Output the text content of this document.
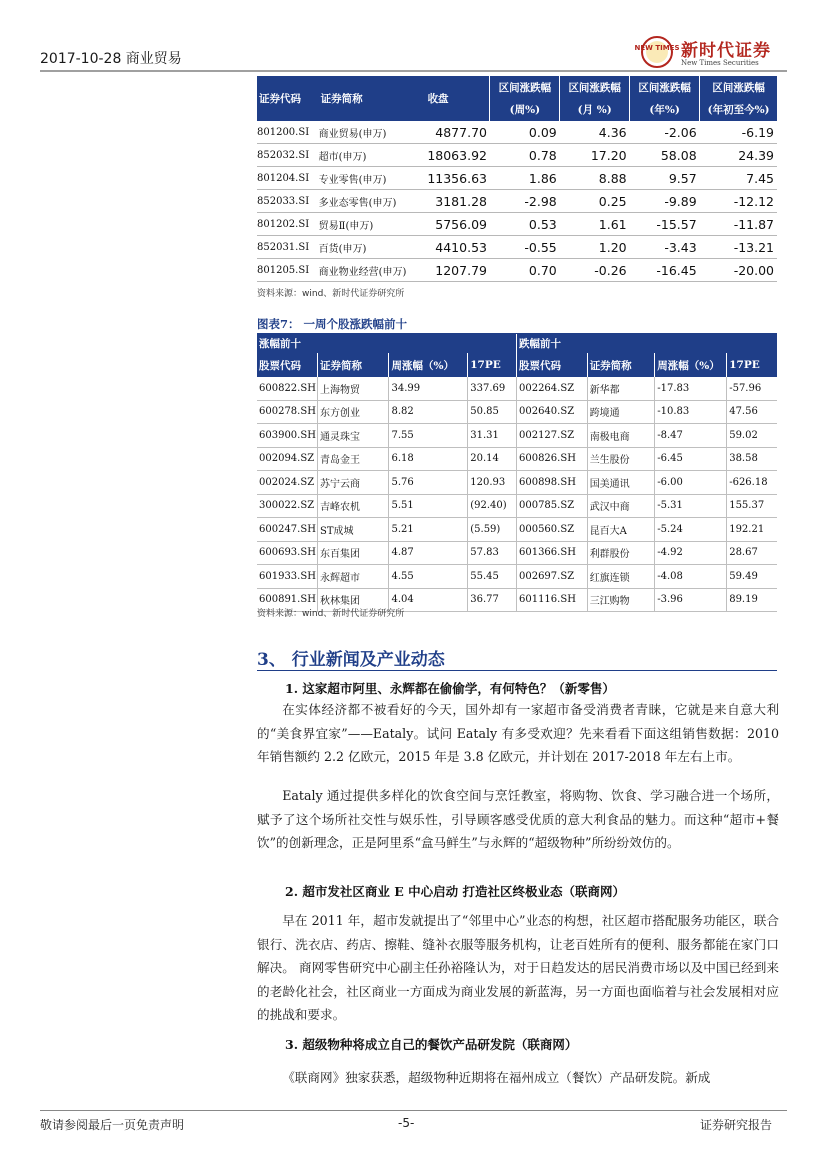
2017-10-28 商业贸易
NEW TIMES 新时代证券
New Times Securities
证券代码	证券简称	收盘	区间涨跌幅	区间涨跌幅	区间涨跌幅	区间涨跌幅
			(周%)	(月 %)	(年%)	(年初至今%)
801200.SI	商业贸易(申万)	4877.70	0.09	4.36	-2.06	-6.19
852032.SI	超市(申万)	18063.92	0.78	17.20	58.08	24.39
801204.SI	专业零售(申万)	11356.63	1.86	8.88	9.57	7.45
852033.SI	多业态零售(申万)	3181.28	-2.98	0.25	-9.89	-12.12
801202.SI	贸易Ⅱ(申万)	5756.09	0.53	1.61	-15.57	-11.87
852031.SI	百货(申万)	4410.53	-0.55	1.20	-3.43	-13.21
801205.SI	商业物业经营(申万)	1207.79	0.70	-0.26	-16.45	-20.00
资料来源：wind、新时代证券研究所
图表7： 一周个股涨跌幅前十
涨幅前十				跌幅前十			
股票代码	证券简称	周涨幅（%）	17PE	股票代码	证券简称	周涨幅（%）	17PE
600822.SH	上海物贸	34.99	337.69	002264.SZ	新华都	-17.83	-57.96
600278.SH	东方创业	8.82	50.85	002640.SZ	跨境通	-10.83	47.56
603900.SH	通灵珠宝	7.55	31.31	002127.SZ	南极电商	-8.47	59.02
002094.SZ	青岛金王	6.18	20.14	600826.SH	兰生股份	-6.45	38.58
002024.SZ	苏宁云商	5.76	120.93	600898.SH	国美通讯	-6.00	-626.18
300022.SZ	吉峰农机	5.51	(92.40)	000785.SZ	武汉中商	-5.31	155.37
600247.SH	ST成城	5.21	(5.59)	000560.SZ	昆百大A	-5.24	192.21
600693.SH	东百集团	4.87	57.83	601366.SH	利群股份	-4.92	28.67
601933.SH	永辉超市	4.55	55.45	002697.SZ	红旗连锁	-4.08	59.49
600891.SH	秋林集团	4.04	36.77	601116.SH	三江购物	-3.96	89.19
资料来源：wind、新时代证券研究所
3、 行业新闻及产业动态
1. 这家超市阿里、永辉都在偷偷学，有何特色？（新零售）

在实体经济都不被看好的今天，国外却有一家超市备受消费者青睐，它就是来自意大利的“美食界宜家”——Eataly。试问 Eataly 有多受欢迎？先来看看下面这组销售数据：2010 年销售额约 2.2 亿欧元，2015 年是 3.8 亿欧元，并计划在 2017-2018 年左右上市。

Eataly 通过提供多样化的饮食空间与烹饪教室，将购物、饮食、学习融合进一个场所，赋予了这个场所社交性与娱乐性，引导顾客感受优质的意大利食品的魅力。而这种“超市+餐饮”的创新理念，正是阿里系“盒马鲜生”与永辉的“超级物种”所纷纷效仿的。

2. 超市发社区商业 E 中心启动 打造社区终极业态（联商网）

早在 2011 年，超市发就提出了“邻里中心”业态的构想，社区超市搭配服务功能区，联合银行、洗衣店、药店、擦鞋、缝补衣服等服务机构，让老百姓所有的便利、服务都能在家门口解决。 商网零售研究中心副主任孙裕隆认为，对于日趋发达的居民消费市场以及中国已经到来的老龄化社会，社区商业一方面成为商业发展的新蓝海，另一方面也面临着与社会发展相对应的挑战和要求。

3. 超级物种将成立自己的餐饮产品研发院（联商网）

《联商网》独家获悉，超级物种近期将在福州成立（餐饮）产品研发院。新成

敬请参阅最后一页免责声明	-5-	证券研究报告
